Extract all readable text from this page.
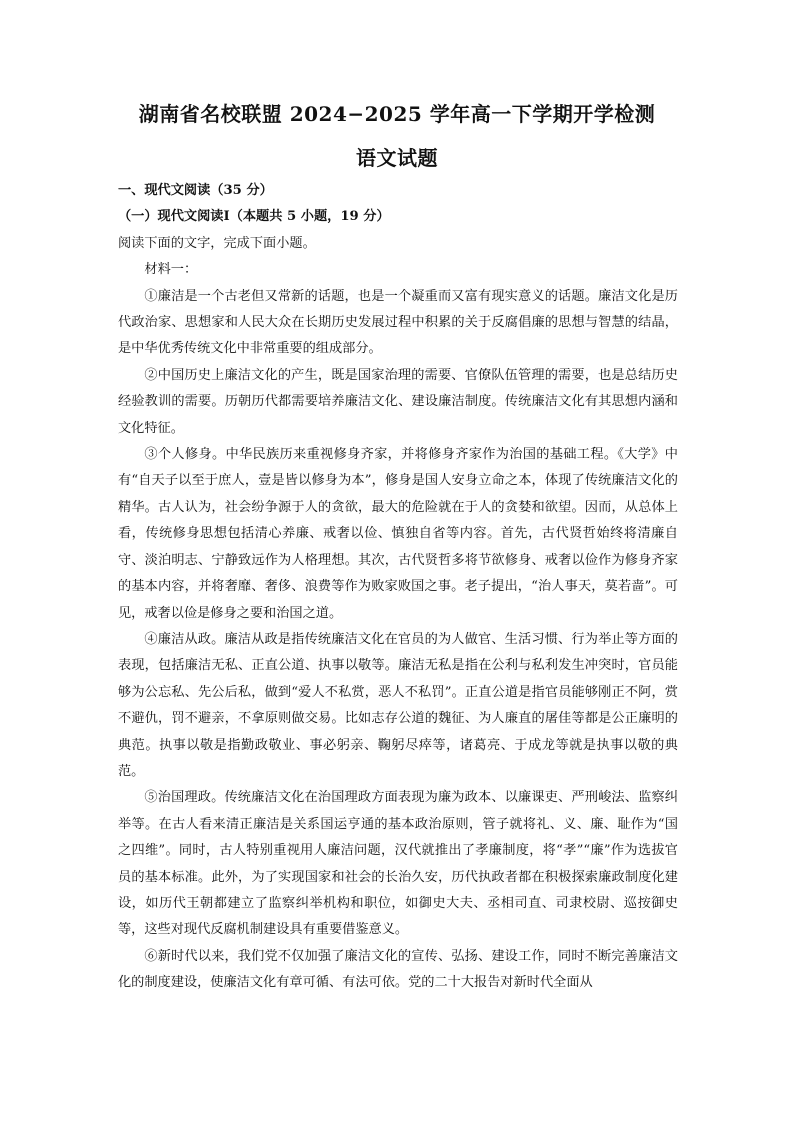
湖南省名校联盟 2024−2025 学年高一下学期开学检测
语文试题

一、现代文阅读（35 分）

（一）现代文阅读Ⅰ（本题共 5 小题，19 分）

阅读下面的文字，完成下面小题。

材料一：

①廉洁是一个古老但又常新的话题，也是一个凝重而又富有现实意义的话题。廉洁文化是历代政治家、思想家和人民大众在长期历史发展过程中积累的关于反腐倡廉的思想与智慧的结晶，是中华优秀传统文化中非常重要的组成部分。

②中国历史上廉洁文化的产生，既是国家治理的需要、官僚队伍管理的需要，也是总结历史经验教训的需要。历朝历代都需要培养廉洁文化、建设廉洁制度。传统廉洁文化有其思想内涵和文化特征。

③个人修身。中华民族历来重视修身齐家，并将修身齐家作为治国的基础工程。《大学》中有“自天子以至于庶人，壹是皆以修身为本”，修身是国人安身立命之本，体现了传统廉洁文化的精华。古人认为，社会纷争源于人的贪欲，最大的危险就在于人的贪婪和欲望。因而，从总体上看，传统修身思想包括清心养廉、戒奢以俭、慎独自省等内容。首先，古代贤哲始终将清廉自守、淡泊明志、宁静致远作为人格理想。其次，古代贤哲多将节欲修身、戒奢以俭作为修身齐家的基本内容，并将奢靡、奢侈、浪费等作为败家败国之事。老子提出，“治人事天，莫若啬”。可见，戒奢以俭是修身之要和治国之道。

④廉洁从政。廉洁从政是指传统廉洁文化在官员的为人做官、生活习惯、行为举止等方面的表现，包括廉洁无私、正直公道、执事以敬等。廉洁无私是指在公利与私利发生冲突时，官员能够为公忘私、先公后私，做到“爱人不私赏，恶人不私罚”。正直公道是指官员能够刚正不阿，赏不避仇，罚不避亲，不拿原则做交易。比如志存公道的魏征、为人廉直的屠佳等都是公正廉明的典范。执事以敬是指勤政敬业、事必躬亲、鞠躬尽瘁等，诸葛亮、于成龙等就是执事以敬的典范。

⑤治国理政。传统廉洁文化在治国理政方面表现为廉为政本、以廉课吏、严刑峻法、监察纠举等。在古人看来清正廉洁是关系国运亨通的基本政治原则，管子就将礼、义、廉、耻作为“国之四维”。同时，古人特别重视用人廉洁问题，汉代就推出了孝廉制度，将“孝”“廉”作为选拔官员的基本标准。此外，为了实现国家和社会的长治久安，历代执政者都在积极探索廉政制度化建设，如历代王朝都建立了监察纠举机构和职位，如御史大夫、丞相司直、司隶校尉、巡按御史等，这些对现代反腐机制建设具有重要借鉴意义。

⑥新时代以来，我们党不仅加强了廉洁文化的宣传、弘扬、建设工作，同时不断完善廉洁文化的制度建设，使廉洁文化有章可循、有法可依。党的二十大报告对新时代全面从
